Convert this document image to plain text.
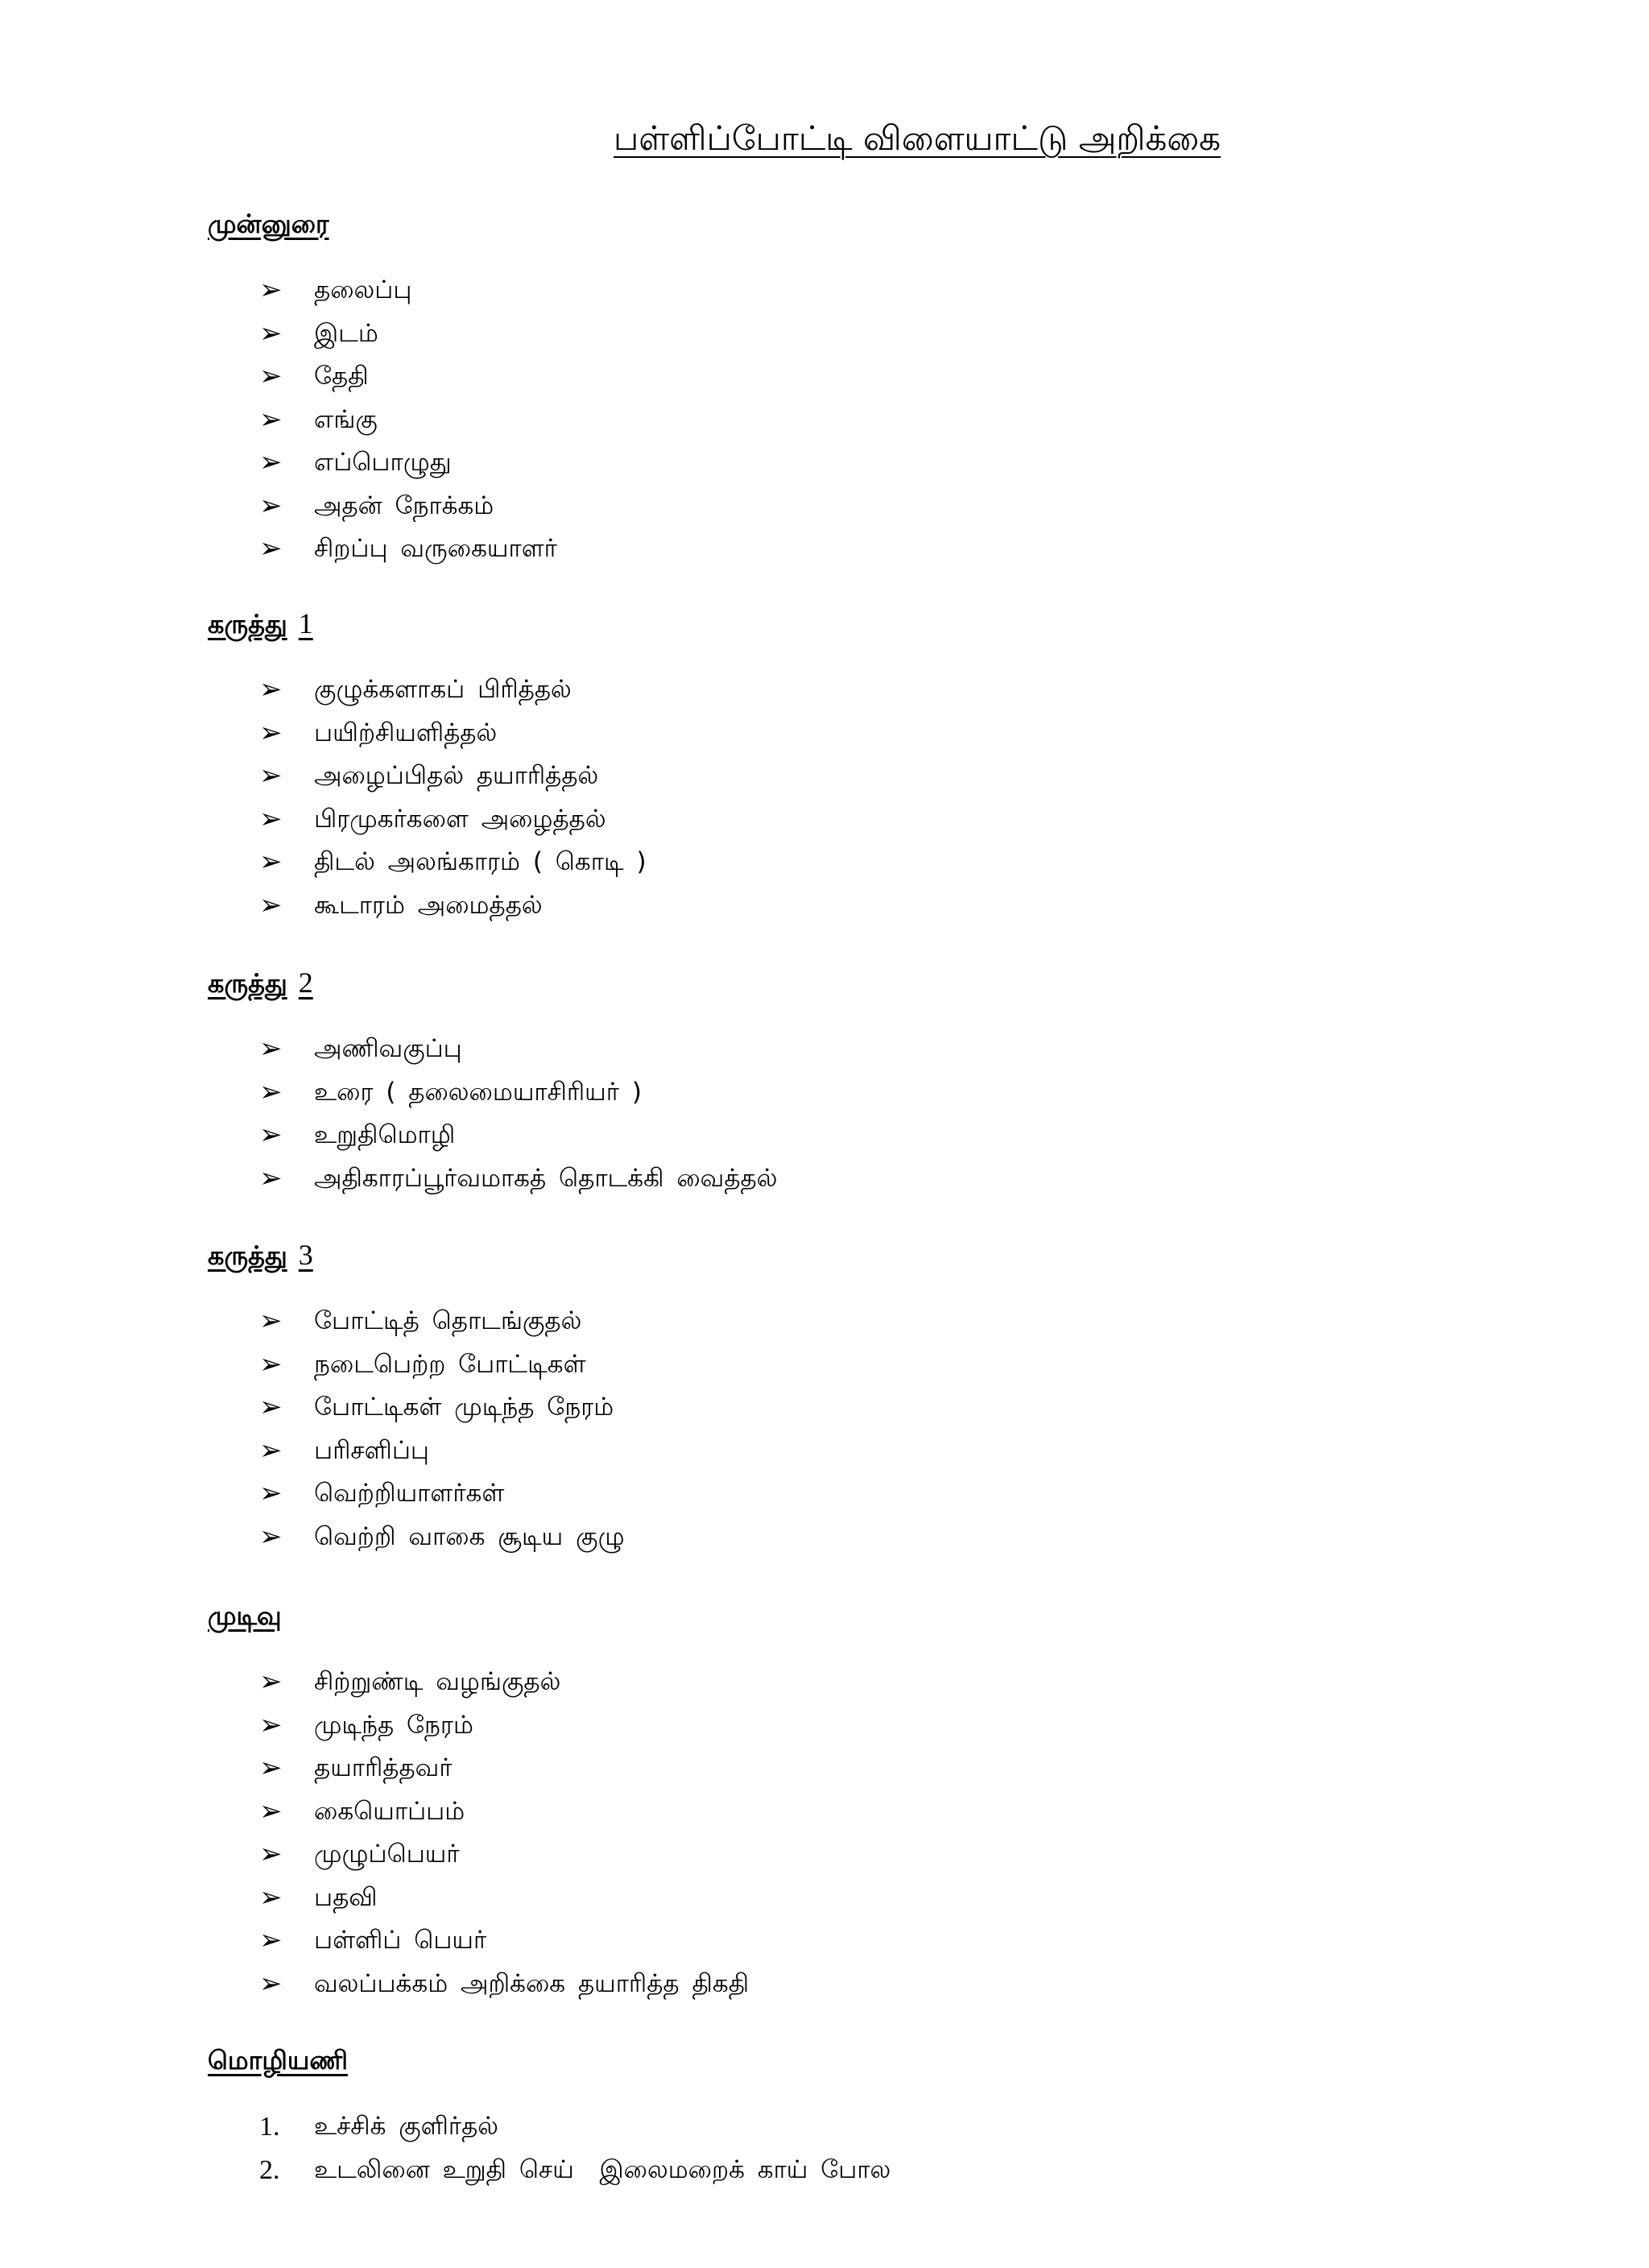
பள்ளிப்போட்டி விளையாட்டு அறிக்கை
முன்னுரை
➢ தலைப்பு
➢ இடம்
➢ தேதி
➢ எங்கு
➢ எப்பொழுது
➢ அதன் நோக்கம்
➢ சிறப்பு வருகையாளர்
கருத்து 1
➢ குழுக்களாகப் பிரித்தல்
➢ பயிற்சியளித்தல்
➢ அழைப்பிதல் தயாரித்தல்
➢ பிரமுகர்களை அழைத்தல்
➢ திடல் அலங்காரம் ( கொடி )
➢ கூடாரம் அமைத்தல்
கருத்து 2
➢ அணிவகுப்பு
➢ உரை ( தலைமையாசிரியர் )
➢ உறுதிமொழி
➢ அதிகாரப்பூர்வமாகத் தொடக்கி வைத்தல்
கருத்து 3
➢ போட்டித் தொடங்குதல்
➢ நடைபெற்ற போட்டிகள்
➢ போட்டிகள் முடிந்த நேரம்
➢ பரிசளிப்பு
➢ வெற்றியாளர்கள்
➢ வெற்றி வாகை சூடிய குழு
முடிவு
➢ சிற்றுண்டி வழங்குதல்
➢ முடிந்த நேரம்
➢ தயாரித்தவர்
➢ கையொப்பம்
➢ முழுப்பெயர்
➢ பதவி
➢ பள்ளிப் பெயர்
➢ வலப்பக்கம் அறிக்கை தயாரித்த திகதி
மொழியணி
1. உச்சிக் குளிர்தல்
2. உடலினை உறுதி செய்  இலைமறைக் காய் போல
